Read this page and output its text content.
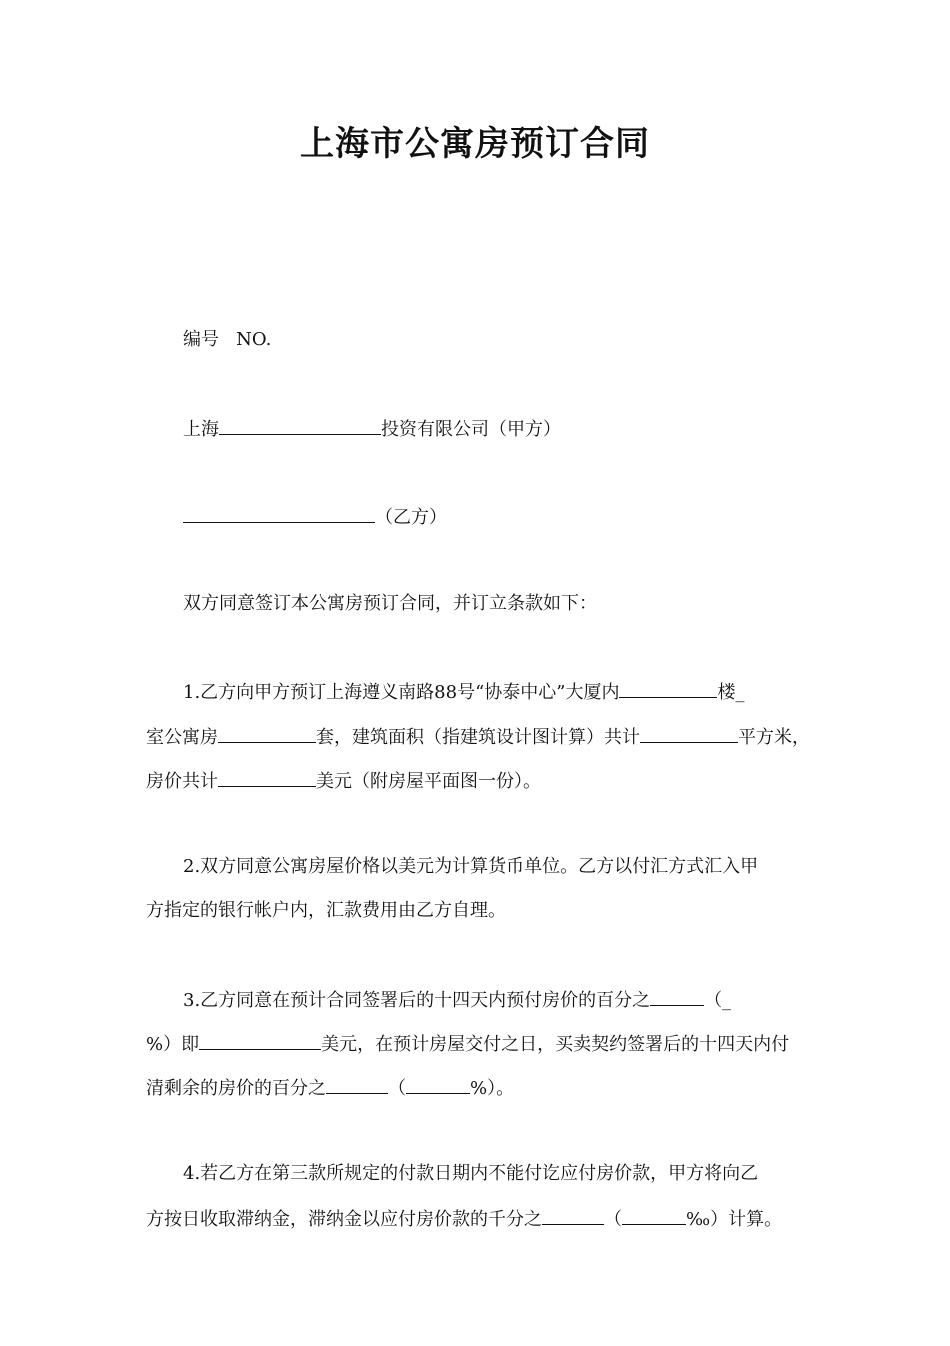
上海市公寓房预订合同
编号 NO.
上海	投资有限公司（甲方）
（乙方）
双方同意签订本公寓房预订合同，并订立条款如下：
1.乙方向甲方预订上海遵义南路88号“协泰中心”大厦内	楼_
室公寓房	套，建筑面积（指建筑设计图计算）共计	平方米，
房价共计	美元（附房屋平面图一份）。
2.双方同意公寓房屋价格以美元为计算货币单位。乙方以付汇方式汇入甲
方指定的银行帐户内，汇款费用由乙方自理。
3.乙方同意在预计合同签署后的十四天内预付房价的百分之	（_
%）即	美元，在预计房屋交付之日，买卖契约签署后的十四天内付
清剩余的房价的百分之	（	%）。
4.若乙方在第三款所规定的付款日期内不能付讫应付房价款，甲方将向乙
方按日收取滞纳金，滞纳金以应付房价款的千分之	（	‰）计算。
